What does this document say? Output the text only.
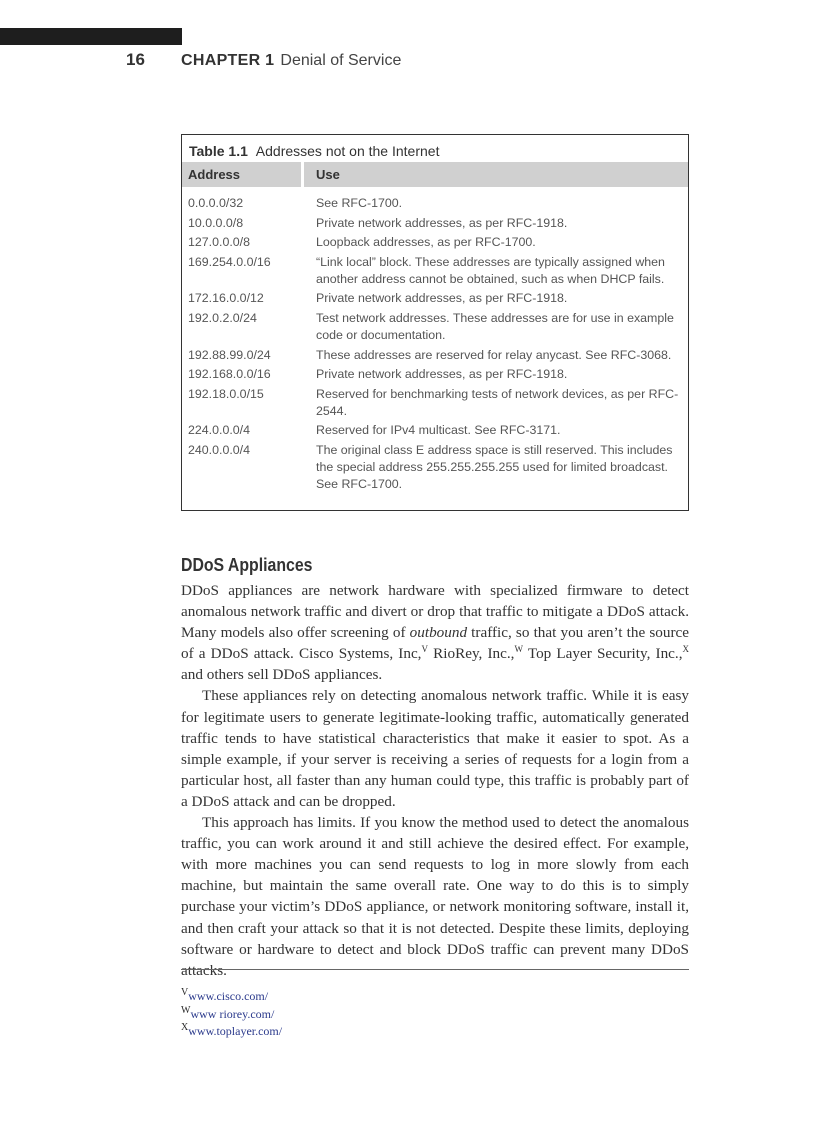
16	CHAPTER 1 Denial of Service
Table 1.1 Addresses not on the Internet
Address	Use
0.0.0.0/32	See RFC-1700.
10.0.0.0/8	Private network addresses, as per RFC-1918.
127.0.0.0/8	Loopback addresses, as per RFC-1700.
169.254.0.0/16	“Link local” block. These addresses are typically assigned when another address cannot be obtained, such as when DHCP fails.
172.16.0.0/12	Private network addresses, as per RFC-1918.
192.0.2.0/24	Test network addresses. These addresses are for use in example code or documentation.
192.88.99.0/24	These addresses are reserved for relay anycast. See RFC-3068.
192.168.0.0/16	Private network addresses, as per RFC-1918.
192.18.0.0/15	Reserved for benchmarking tests of network devices, as per RFC-2544.
224.0.0.0/4	Reserved for IPv4 multicast. See RFC-3171.
240.0.0.0/4	The original class E address space is still reserved. This includes the special address 255.255.255.255 used for limited broadcast. See RFC-1700.
DDoS Appliances

DDoS appliances are network hardware with specialized firmware to detect anomalous network traffic and divert or drop that traffic to mitigate a DDoS attack. Many models also offer screening of outbound traffic, so that you aren’t the source of a DDoS attack. Cisco Systems, Inc,$^V$ RioRey, Inc.,$^W$ Top Layer Security, Inc.,$^X$ and others sell DDoS appliances.

These appliances rely on detecting anomalous network traffic. While it is easy for legitimate users to generate legitimate-looking traffic, automatically generated traffic tends to have statistical characteristics that make it easier to spot. As a simple example, if your server is receiving a series of requests for a login from a particular host, all faster than any human could type, this traffic is probably part of a DDoS attack and can be dropped.

This approach has limits. If you know the method used to detect the anomalous traffic, you can work around it and still achieve the desired effect. For example, with more machines you can send requests to log in more slowly from each machine, but maintain the same overall rate. One way to do this is to simply purchase your victim’s DDoS appliance, or network monitoring software, install it, and then craft your attack so that it is not detected. Despite these limits, deploying software or hardware to detect and block DDoS traffic can prevent many DDoS attacks.

$^V$www.cisco.com/
$^W$www riorey.com/
$^X$www.toplayer.com/
